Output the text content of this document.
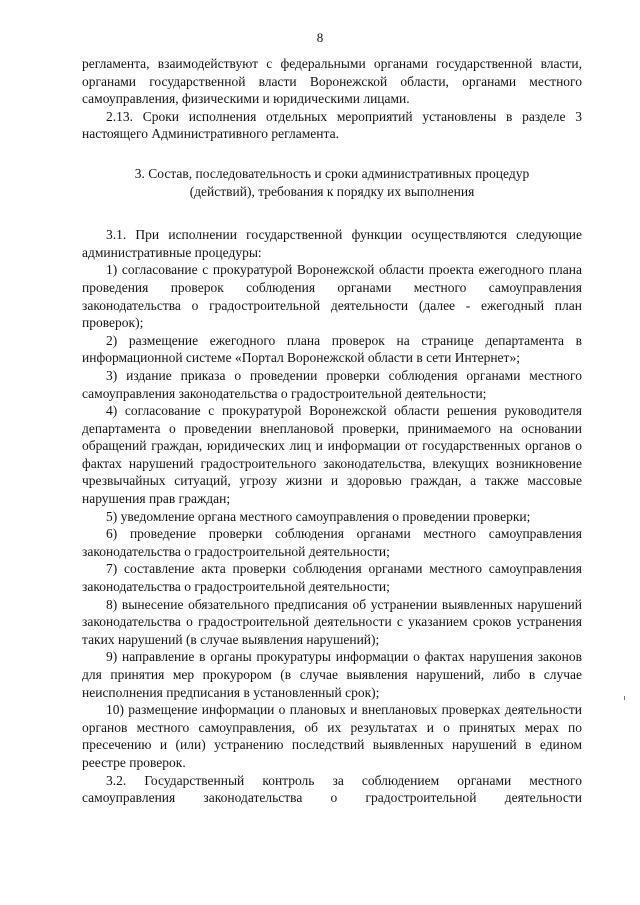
8

регламента, взаимодействуют с федеральными органами государственной власти, органами государственной власти Воронежской области, органами местного самоуправления, физическими и юридическими лицами.

2.13. Сроки исполнения отдельных мероприятий установлены в разделе 3 настоящего Административного регламента.

3. Состав, последовательность и сроки административных процедур
(действий), требования к порядку их выполнения

3.1. При исполнении государственной функции осуществляются следующие административные процедуры:

1) согласование с прокуратурой Воронежской области проекта ежегодного плана проведения проверок соблюдения органами местного самоуправления законодательства о градостроительной деятельности (далее - ежегодный план проверок);

2) размещение ежегодного плана проверок на странице департамента в информационной системе «Портал Воронежской области в сети Интернет»;

3) издание приказа о проведении проверки соблюдения органами местного самоуправления законодательства о градостроительной деятельности;

4) согласование с прокуратурой Воронежской области решения руководителя департамента о проведении внеплановой проверки, принимаемого на основании обращений граждан, юридических лиц и информации от государственных органов о фактах нарушений градостроительного законодательства, влекущих возникновение чрезвычайных ситуаций, угрозу жизни и здоровью граждан, а также массовые нарушения прав граждан;

5) уведомление органа местного самоуправления о проведении проверки;

6) проведение проверки соблюдения органами местного самоуправления законодательства о градостроительной деятельности;

7) составление акта проверки соблюдения органами местного самоуправления законодательства о градостроительной деятельности;

8) вынесение обязательного предписания об устранении выявленных нарушений законодательства о градостроительной деятельности с указанием сроков устранения таких нарушений (в случае выявления нарушений);

9) направление в органы прокуратуры информации о фактах нарушения законов для принятия мер прокурором (в случае выявления нарушений, либо в случае неисполнения предписания в установленный срок);

10) размещение информации о плановых и внеплановых проверках деятельности органов местного самоуправления, об их результатах и о принятых мерах по пресечению и (или) устранению последствий выявленных нарушений в едином реестре проверок.

3.2. Государственный контроль за соблюдением органами местного самоуправления законодательства о градостроительной деятельности
